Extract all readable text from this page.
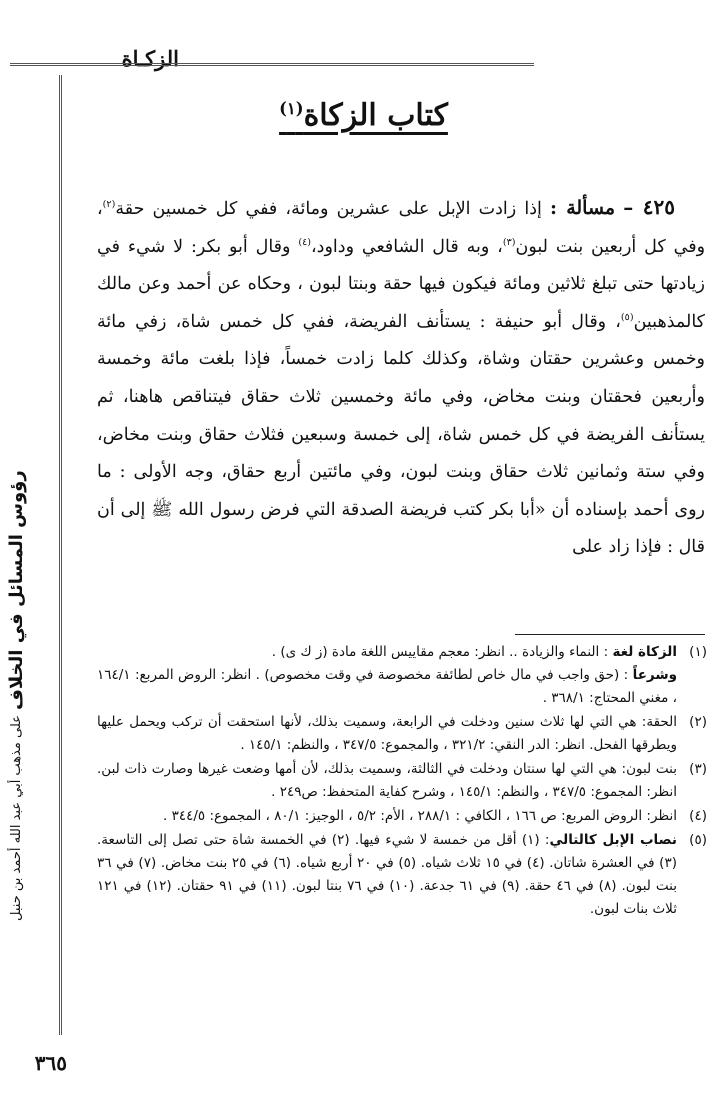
الزكـاة
رؤوس المسائل في الخلاف على مذهب أبي عبد الله أحمد بن حنبل
كتاب الزكاة$^{(١)}$

٤٢٥ – مسألة : إذا زادت الإبل على عشرين ومائة، ففي كل خمسين حقة$^{(٢)}$، وفي كل أربعين بنت لبون$^{(٣)}$، وبه قال الشافعي وداود،$^{(٤)}$ وقال أبو بكر: لا شيء في زيادتها حتى تبلغ ثلاثين ومائة فيكون فيها حقة وبنتا لبون ، وحكاه عن أحمد وعن مالك كالمذهبين$^{(٥)}$، وقال أبو حنيفة : يستأنف الفريضة، ففي كل خمس شاة، زفي مائة وخمس وعشرين حقتان وشاة، وكذلك كلما زادت خمساً، فإذا بلغت مائة وخمسة وأربعين فحقتان وبنت مخاض، وفي مائة وخمسين ثلاث حقاق فيتناقص هاهنا، ثم يستأنف الفريضة في كل خمس شاة، إلى خمسة وسبعين فثلاث حقاق وبنت مخاض، وفي ستة وثمانين ثلاث حقاق وبنت لبون، وفي مائتين أربع حقاق، وجه الأولى : ما روى أحمد بإسناده أن «أبا بكر كتب فريضة الصدقة التي فرض رسول الله ﷺ إلى أن قال : فإذا زاد على

(١)
الزكاة لغة : النماء والزيادة .. انظر: معجم مقاييس اللغة مادة (ز ك ى) .
وشرعاً : (حق واجب في مال خاص لطائفة مخصوصة في وقت مخصوص) . انظر: الروض المربع: ١٦٤/١ ، مغني المحتاج: ٣٦٨/١ .
(٢)
الحقة: هي التي لها ثلاث سنين ودخلت في الرابعة، وسميت بذلك، لأنها استحقت أن تركب ويحمل عليها ويطرقها الفحل. انظر: الدر النقي: ٣٢١/٢ ، والمجموع: ٣٤٧/٥ ، والنظم: ١٤٥/١ .
(٣)
بنت لبون: هي التي لها سنتان ودخلت في الثالثة، وسميت بذلك، لأن أمها وضعت غيرها وصارت ذات لبن. انظر: المجموع: ٣٤٧/٥ ، والنظم: ١٤٥/١ ، وشرح كفاية المتحفظ: ص٢٤٩ .
(٤)
انظر: الروض المربع: ص ١٦٦ ، الكافي : ٢٨٨/١ ، الأم: ٥/٢ ، الوجيز: ٨٠/١ ، المجموع: ٣٤٤/٥ .
(٥)
نصاب الإبل كالتالي: (١) أقل من خمسة لا شيء فيها. (٢) في الخمسة شاة حتى تصل إلى التاسعة. (٣) في العشرة شاتان. (٤) في ١٥ ثلاث شياه. (٥) في ٢٠ أربع شياه. (٦) في ٢٥ بنت مخاض. (٧) في ٣٦ بنت لبون. (٨) في ٤٦ حقة. (٩) في ٦١ جدعة. (١٠) في ٧٦ بنتا لبون. (١١) في ٩١ حقتان. (١٢) في ١٢١ ثلاث بنات لبون.
٣٦٥
